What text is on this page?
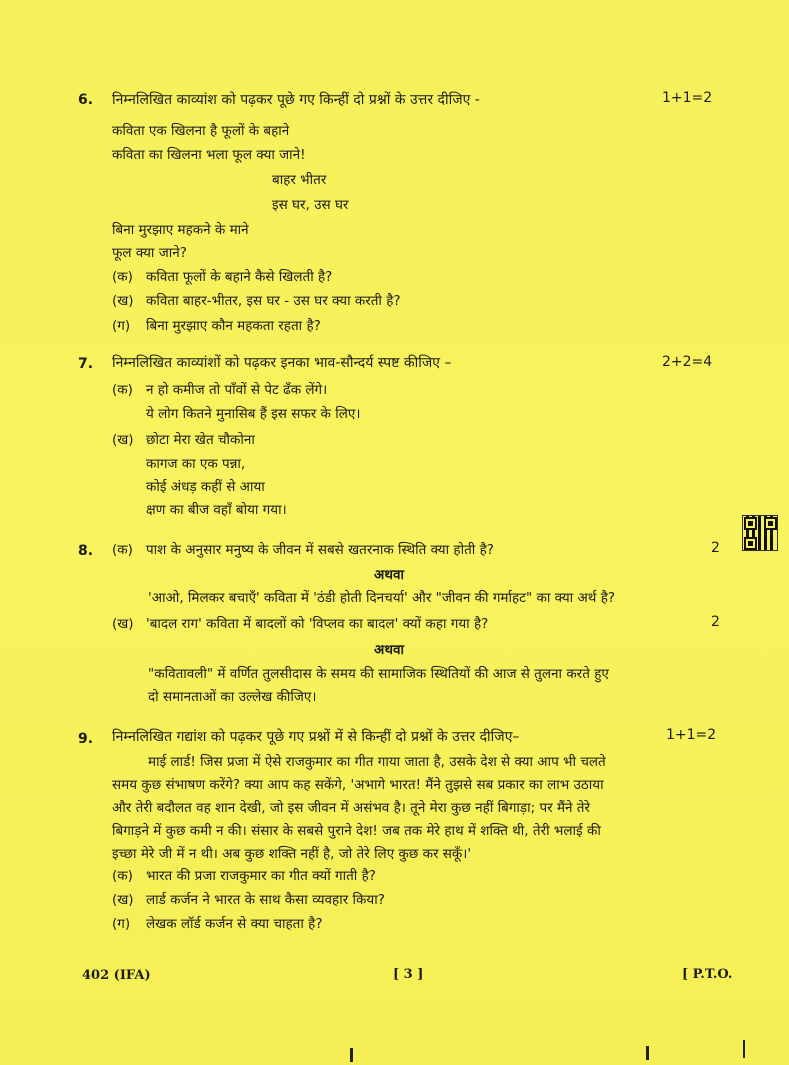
6. निम्नलिखित काव्यांश को पढ़कर पूछे गए किन्हीं दो प्रश्नों के उत्तर दीजिए -	1+1=2
कविता एक खिलना है फूलों के बहाने
कविता का खिलना भला फूल क्या जाने!
बाहर भीतर
इस घर, उस घर
बिना मुरझाए महकने के माने
फूल क्या जाने?
(क) कविता फूलों के बहाने कैसे खिलती है?
(ख) कविता बाहर-भीतर, इस घर - उस घर क्या करती है?
(ग) बिना मुरझाए कौन महकता रहता है?
7. निम्नलिखित काव्यांशों को पढ़कर इनका भाव-सौन्दर्य स्पष्ट कीजिए –	2+2=4
(क) न हो कमीज तो पाँवों से पेट ढँक लेंगे।
ये लोग कितने मुनासिब हैं इस सफर के लिए।
(ख) छोटा मेरा खेत चौकोना
कागज का एक पन्ना,
कोई अंधड़ कहीं से आया
क्षण का बीज वहाँ बोया गया।
8. (क) पाश के अनुसार मनुष्य के जीवन में सबसे खतरनाक स्थिति क्या होती है?	2
अथवा
'आओ, मिलकर बचाएँ' कविता में 'ठंडी होती दिनचर्या' और "जीवन की गर्माहट" का क्या अर्थ है?
(ख) 'बादल राग' कविता में बादलों को 'विप्लव का बादल' क्यों कहा गया है?	2
अथवा
"कवितावली" में वर्णित तुलसीदास के समय की सामाजिक स्थितियों की आज से तुलना करते हुए
दो समानताओं का उल्लेख कीजिए।
9. निम्नलिखित गद्यांश को पढ़कर पूछे गए प्रश्नों में से किन्हीं दो प्रश्नों के उत्तर दीजिए–	1+1=2
माई लार्ड! जिस प्रजा में ऐसे राजकुमार का गीत गाया जाता है, उसके देश से क्या आप भी चलते
समय कुछ संभाषण करेंगे? क्या आप कह सकेंगे, 'अभागे भारत! मैंने तुझसे सब प्रकार का लाभ उठाया
और तेरी बदौलत वह शान देखी, जो इस जीवन में असंभव है। तूने मेरा कुछ नहीं बिगाड़ा; पर मैंने तेरे
बिगाड़ने में कुछ कमी न की। संसार के सबसे पुराने देश! जब तक मेरे हाथ में शक्ति थी, तेरी भलाई की
इच्छा मेरे जी में न थी। अब कुछ शक्ति नहीं है, जो तेरे लिए कुछ कर सकूँ।'
(क) भारत की प्रजा राजकुमार का गीत क्यों गाती है?
(ख) लार्ड कर्जन ने भारत के साथ कैसा व्यवहार किया?
(ग) लेखक लॉर्ड कर्जन से क्या चाहता है?
402 (IFA)	[ 3 ]	[ P.T.O.
